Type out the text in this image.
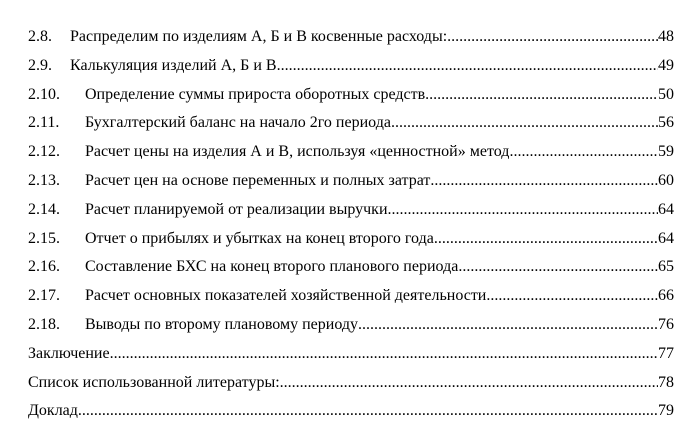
2.8.	Распределим по изделиям А, Б и В косвенные расходы: .....	48
2.9.	Калькуляция изделий А, Б и В .....	49
2.10.	Определение суммы прироста оборотных средств .....	50
2.11.	Бухгалтерский баланс на начало 2го периода .....	56
2.12.	Расчет цены на изделия А и В, используя «ценностной» метод .....	59
2.13.	Расчет цен на основе переменных и полных затрат .....	60
2.14.	Расчет планируемой от реализации выручки .....	64
2.15.	Отчет о прибылях и убытках на конец второго года .....	64
2.16.	Составление БХС на конец второго планового периода .....	65
2.17.	Расчет основных показателей хозяйственной деятельности .....	66
2.18.	Выводы по второму плановому периоду .....	76
Заключение .....	77
Список использованной литературы: .....	78
Доклад .....	79
